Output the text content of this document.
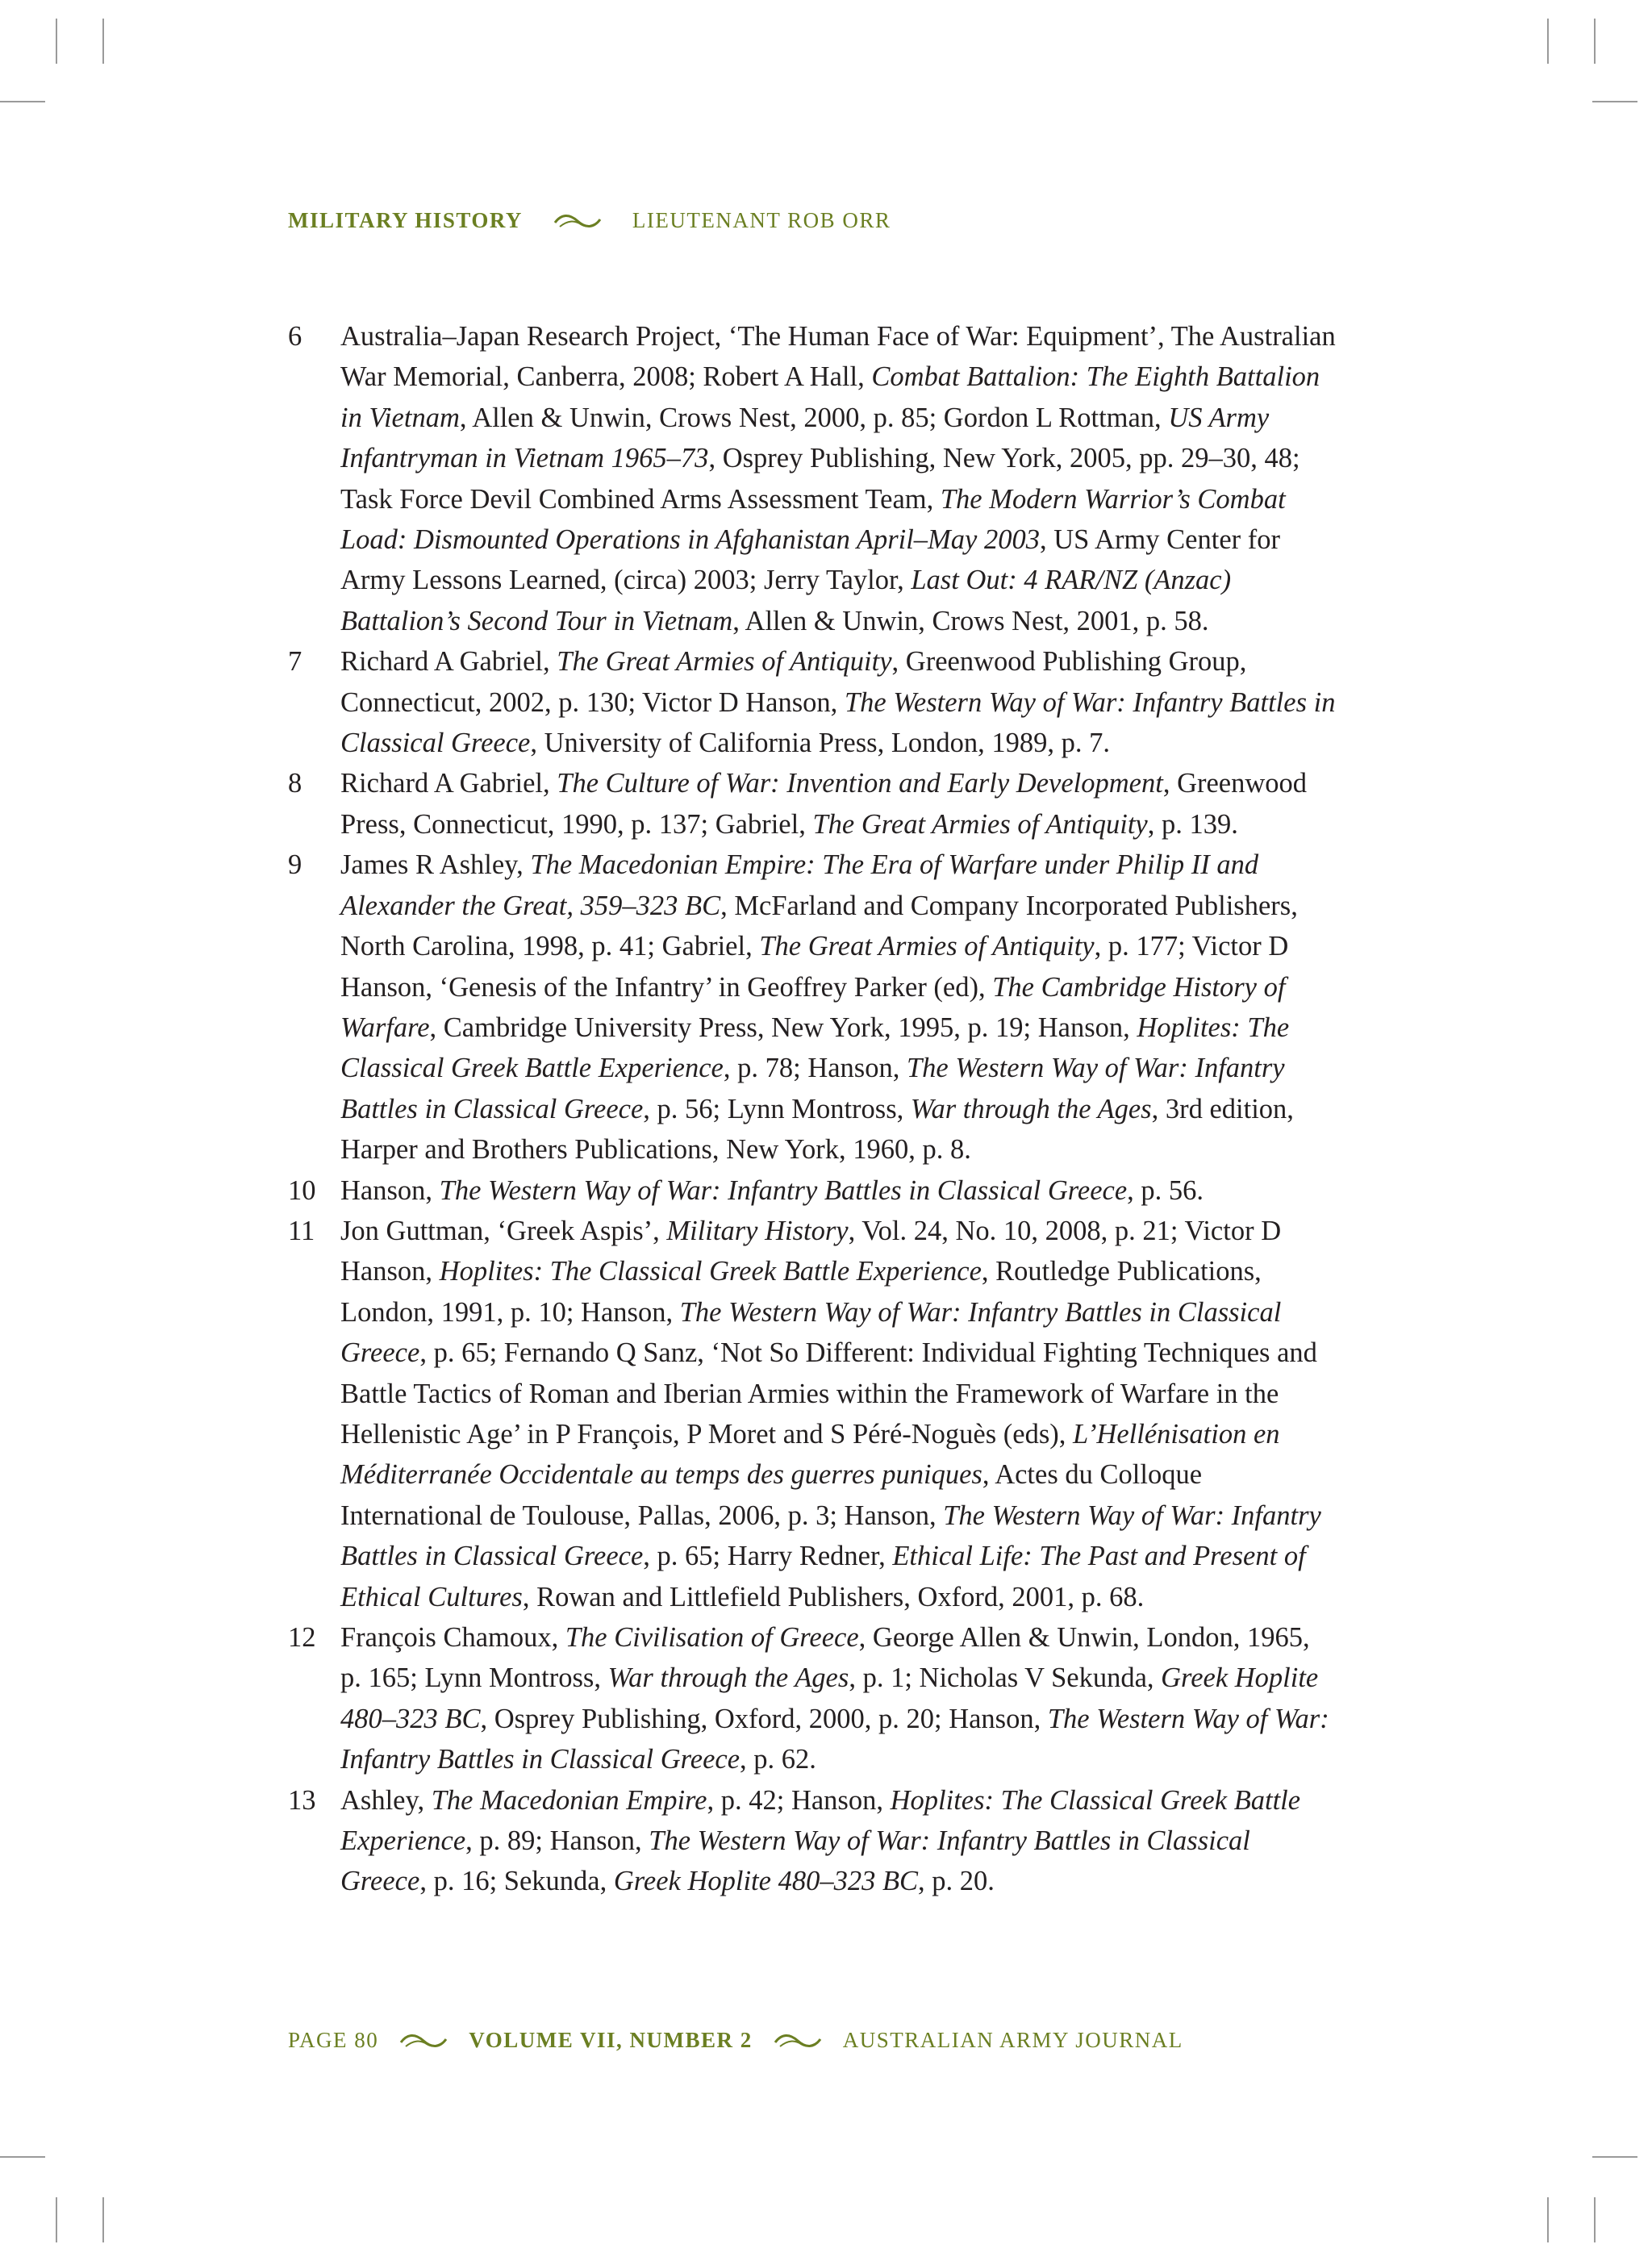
MILITARY HISTORY	LIEUTENANT ROB ORR
6	Australia–Japan Research Project, ‘The Human Face of War: Equipment’, The Australian War Memorial, Canberra, 2008; Robert A Hall, Combat Battalion: The Eighth Battalion in Vietnam, Allen & Unwin, Crows Nest, 2000, p. 85; Gordon L Rottman, US Army Infantryman in Vietnam 1965–73, Osprey Publishing, New York, 2005, pp. 29–30, 48; Task Force Devil Combined Arms Assessment Team, The Modern Warrior’s Combat Load: Dismounted Operations in Afghanistan April–May 2003, US Army Center for Army Lessons Learned, (circa) 2003; Jerry Taylor, Last Out: 4 RAR/NZ (Anzac) Battalion’s Second Tour in Vietnam, Allen & Unwin, Crows Nest, 2001, p. 58.
7	Richard A Gabriel, The Great Armies of Antiquity, Greenwood Publishing Group, Connecticut, 2002, p. 130; Victor D Hanson, The Western Way of War: Infantry Battles in Classical Greece, University of California Press, London, 1989, p. 7.
8	Richard A Gabriel, The Culture of War: Invention and Early Development, Greenwood Press, Connecticut, 1990, p. 137; Gabriel, The Great Armies of Antiquity, p. 139.
9	James R Ashley, The Macedonian Empire: The Era of Warfare under Philip II and Alexander the Great, 359–323 BC, McFarland and Company Incorporated Publishers, North Carolina, 1998, p. 41; Gabriel, The Great Armies of Antiquity, p. 177; Victor D Hanson, ‘Genesis of the Infantry’ in Geoffrey Parker (ed), The Cambridge History of Warfare, Cambridge University Press, New York, 1995, p. 19; Hanson, Hoplites: The Classical Greek Battle Experience, p. 78; Hanson, The Western Way of War: Infantry Battles in Classical Greece, p. 56; Lynn Montross, War through the Ages, 3rd edition, Harper and Brothers Publications, New York, 1960, p. 8.
10 Hanson, The Western Way of War: Infantry Battles in Classical Greece, p. 56.
11 Jon Guttman, ‘Greek Aspis’, Military History, Vol. 24, No. 10, 2008, p. 21; Victor D Hanson, Hoplites: The Classical Greek Battle Experience, Routledge Publications, London, 1991, p. 10; Hanson, The Western Way of War: Infantry Battles in Classical Greece, p. 65; Fernando Q Sanz, ‘Not So Different: Individual Fighting Techniques and Battle Tactics of Roman and Iberian Armies within the Framework of Warfare in the Hellenistic Age’ in P François, P Moret and S Péré-Noguès (eds), L’Hellénisation en Méditerranée Occidentale au temps des guerres puniques, Actes du Colloque International de Toulouse, Pallas, 2006, p. 3; Hanson, The Western Way of War: Infantry Battles in Classical Greece, p. 65; Harry Redner, Ethical Life: The Past and Present of Ethical Cultures, Rowan and Littlefield Publishers, Oxford, 2001, p. 68.
12 François Chamoux, The Civilisation of Greece, George Allen & Unwin, London, 1965, p. 165; Lynn Montross, War through the Ages, p. 1; Nicholas V Sekunda, Greek Hoplite 480–323 BC, Osprey Publishing, Oxford, 2000, p. 20; Hanson, The Western Way of War: Infantry Battles in Classical Greece, p. 62.
13 Ashley, The Macedonian Empire, p. 42; Hanson, Hoplites: The Classical Greek Battle Experience, p. 89; Hanson, The Western Way of War: Infantry Battles in Classical Greece, p. 16; Sekunda, Greek Hoplite 480–323 BC, p. 20.
PAGE 80	VOLUME VII, NUMBER 2	AUSTRALIAN ARMY JOURNAL
